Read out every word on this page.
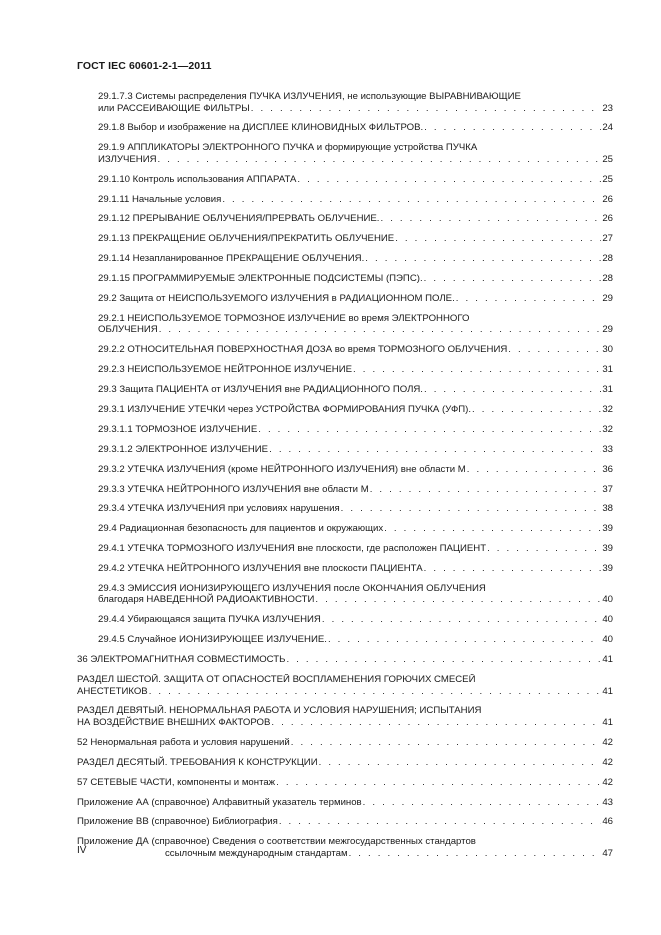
ГОСТ IEC 60601-2-1—2011
29.1.7.3 Системы распределения ПУЧКА ИЗЛУЧЕНИЯ, не использующие ВЫРАВНИВАЮЩИЕ
или РАССЕИВАЮЩИЕ ФИЛЬТРЫ . . .	23
29.1.8 Выбор и изображение на ДИСПЛЕЕ КЛИНОВИДНЫХ ФИЛЬТРОВ. . . .	24
29.1.9 АППЛИКАТОРЫ ЭЛЕКТРОННОГО ПУЧКА и формирующие устройства ПУЧКА
ИЗЛУЧЕНИЯ . . .	25
29.1.10 Контроль использования АППАРАТА . . .	25
29.1.11 Начальные условия . . .	26
29.1.12 ПРЕРЫВАНИЕ ОБЛУЧЕНИЯ/ПРЕРВАТЬ ОБЛУЧЕНИЕ. . . .	26
29.1.13 ПРЕКРАЩЕНИЕ ОБЛУЧЕНИЯ/ПРЕКРАТИТЬ ОБЛУЧЕНИЕ . . .	27
29.1.14 Незапланированное ПРЕКРАЩЕНИЕ ОБЛУЧЕНИЯ. . . .	28
29.1.15 ПРОГРАММИРУЕМЫЕ ЭЛЕКТРОННЫЕ ПОДСИСТЕМЫ (ПЭПС). . . .	28
29.2 Защита от НЕИСПОЛЬЗУЕМОГО ИЗЛУЧЕНИЯ в РАДИАЦИОННОМ ПОЛЕ. . . .	29
29.2.1 НЕИСПОЛЬЗУЕМОЕ ТОРМОЗНОЕ ИЗЛУЧЕНИЕ во время ЭЛЕКТРОННОГО
ОБЛУЧЕНИЯ . . .	29
29.2.2 ОТНОСИТЕЛЬНАЯ ПОВЕРХНОСТНАЯ ДОЗА во время ТОРМОЗНОГО ОБЛУЧЕНИЯ . . .	30
29.2.3 НЕИСПОЛЬЗУЕМОЕ НЕЙТРОННОЕ ИЗЛУЧЕНИЕ . . .	31
29.3 Защита ПАЦИЕНТА от ИЗЛУЧЕНИЯ вне РАДИАЦИОННОГО ПОЛЯ. . . .	31
29.3.1 ИЗЛУЧЕНИЕ УТЕЧКИ через УСТРОЙСТВА ФОРМИРОВАНИЯ ПУЧКА (УФП). . . .	32
29.3.1.1 ТОРМОЗНОЕ ИЗЛУЧЕНИЕ . . .	32
29.3.1.2 ЭЛЕКТРОННОЕ ИЗЛУЧЕНИЕ . . .	33
29.3.2 УТЕЧКА ИЗЛУЧЕНИЯ (кроме НЕЙТРОННОГО ИЗЛУЧЕНИЯ) вне области М . . .	36
29.3.3 УТЕЧКА НЕЙТРОННОГО ИЗЛУЧЕНИЯ вне области М . . .	37
29.3.4 УТЕЧКА ИЗЛУЧЕНИЯ при условиях нарушения . . .	38
29.4 Радиационная безопасность для пациентов и окружающих . . .	39
29.4.1 УТЕЧКА ТОРМОЗНОГО ИЗЛУЧЕНИЯ вне плоскости, где расположен ПАЦИЕНТ . . .	39
29.4.2 УТЕЧКА НЕЙТРОННОГО ИЗЛУЧЕНИЯ вне плоскости ПАЦИЕНТА . . .	39
29.4.3 ЭМИССИЯ ИОНИЗИРУЮЩЕГО ИЗЛУЧЕНИЯ после ОКОНЧАНИЯ ОБЛУЧЕНИЯ
благодаря НАВЕДЕННОЙ РАДИОАКТИВНОСТИ . . .	40
29.4.4 Убирающаяся защита ПУЧКА ИЗЛУЧЕНИЯ . . .	40
29.4.5 Случайное ИОНИЗИРУЮЩЕЕ ИЗЛУЧЕНИЕ. . . .	40
36 ЭЛЕКТРОМАГНИТНАЯ СОВМЕСТИМОСТЬ . . .	41
РАЗДЕЛ ШЕСТОЙ. ЗАЩИТА ОТ ОПАСНОСТЕЙ ВОСПЛАМЕНЕНИЯ ГОРЮЧИХ СМЕСЕЙ
АНЕСТЕТИКОВ . . .	41
РАЗДЕЛ ДЕВЯТЫЙ. НЕНОРМАЛЬНАЯ РАБОТА И УСЛОВИЯ НАРУШЕНИЯ; ИСПЫТАНИЯ
НА ВОЗДЕЙСТВИЕ ВНЕШНИХ ФАКТОРОВ . . .	41
52 Ненормальная работа и условия нарушений . . .	42
РАЗДЕЛ ДЕСЯТЫЙ. ТРЕБОВАНИЯ К КОНСТРУКЦИИ . . .	42
57 СЕТЕВЫЕ ЧАСТИ, компоненты и монтаж . . .	42
Приложение АА (справочное) Алфавитный указатель терминов . . .	43
Приложение ВВ (справочное) Библиография . . .	46
Приложение ДА (справочное) Сведения о соответствии межгосударственных стандартов
ссылочным международным стандартам . . .	47
IV
